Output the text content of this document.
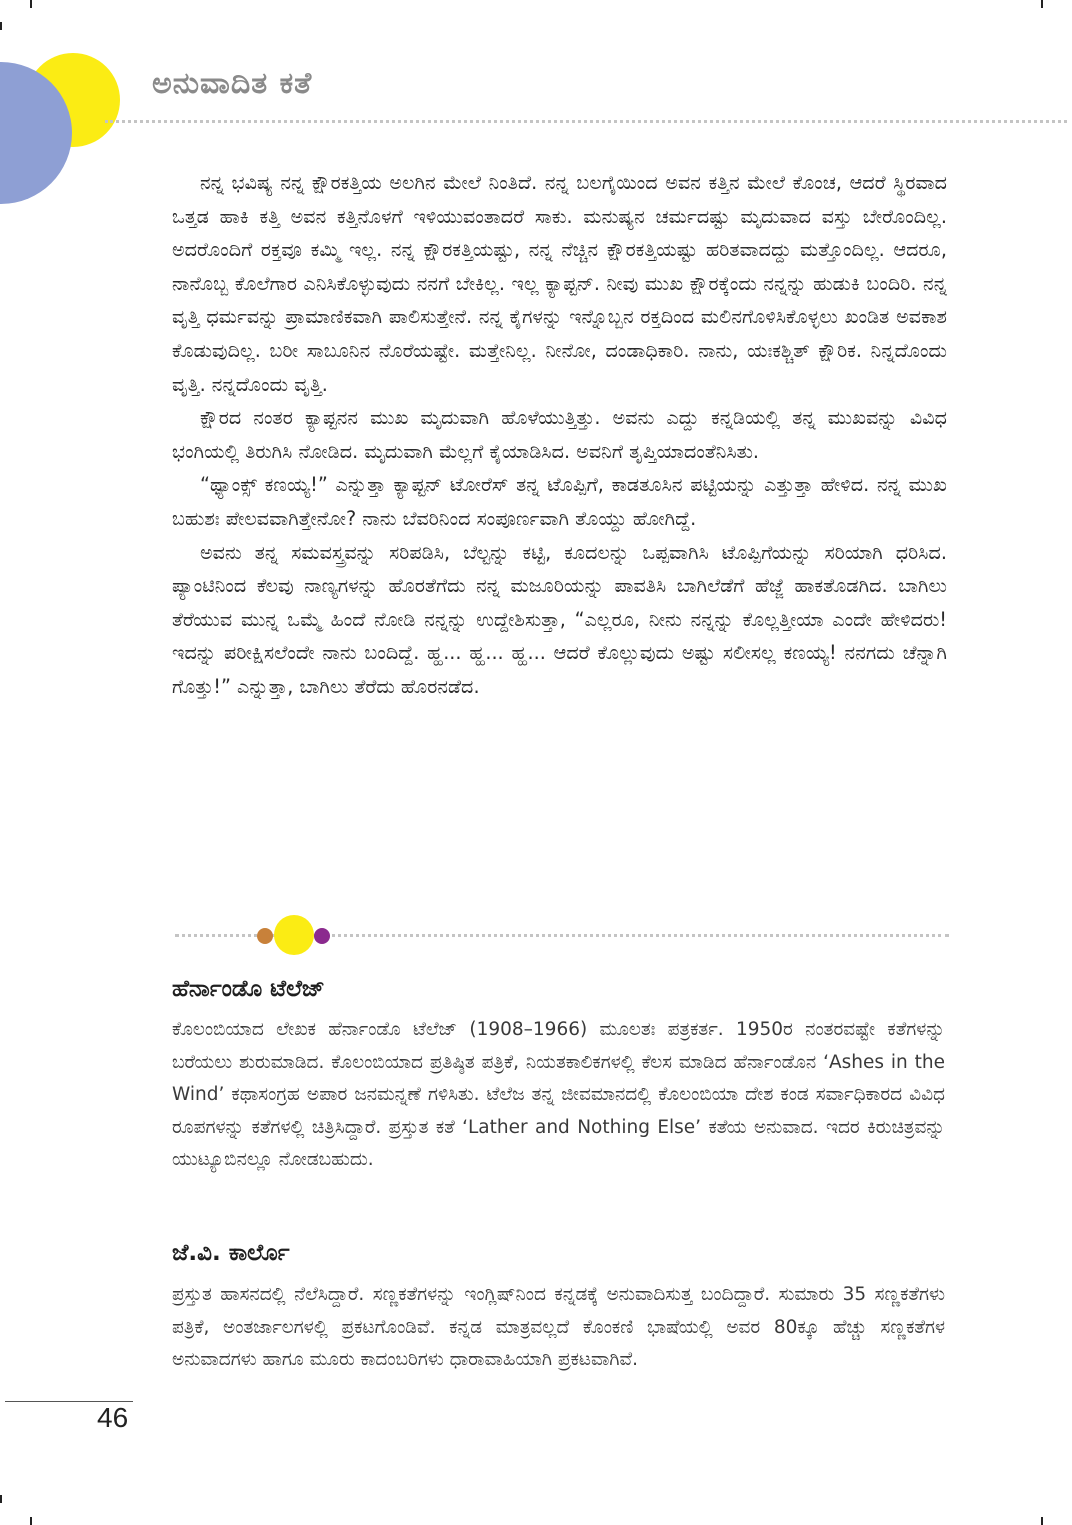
ಅನುವಾದಿತ ಕತೆ

ನನ್ನ ಭವಿಷ್ಯ ನನ್ನ ಕ್ಷೌರಕತ್ತಿಯ ಅಲಗಿನ ಮೇಲೆ ನಿಂತಿದೆ. ನನ್ನ ಬಲಗೈಯಿಂದ ಅವನ ಕತ್ತಿನ ಮೇಲೆ ಕೊಂಚ, ಆದರೆ ಸ್ಥಿರವಾದ ಒತ್ತಡ ಹಾಕಿ ಕತ್ತಿ ಅವನ ಕತ್ತಿನೊಳಗೆ ಇಳಿಯುವಂತಾದರೆ ಸಾಕು. ಮನುಷ್ಯನ ಚರ್ಮದಷ್ಟು ಮೃದುವಾದ ವಸ್ತು ಬೇರೊಂದಿಲ್ಲ. ಅದರೊಂದಿಗೆ ರಕ್ತವೂ ಕಮ್ಮಿ ಇಲ್ಲ. ನನ್ನ ಕ್ಷೌರಕತ್ತಿಯಷ್ಟು, ನನ್ನ ನೆಚ್ಚಿನ ಕ್ಷೌರಕತ್ತಿಯಷ್ಟು ಹರಿತವಾದದ್ದು ಮತ್ತೊಂದಿಲ್ಲ. ಆದರೂ, ನಾನೊಬ್ಬ ಕೊಲೆಗಾರ ಎನಿಸಿಕೊಳ್ಳುವುದು ನನಗೆ ಬೇಕಿಲ್ಲ. ಇಲ್ಲ ಕ್ಯಾಪ್ಟನ್. ನೀವು ಮುಖ ಕ್ಷೌರಕ್ಕೆಂದು ನನ್ನನ್ನು ಹುಡುಕಿ ಬಂದಿರಿ. ನನ್ನ ವೃತ್ತಿ ಧರ್ಮವನ್ನು ಪ್ರಾಮಾಣಿಕವಾಗಿ ಪಾಲಿಸುತ್ತೇನೆ. ನನ್ನ ಕೈಗಳನ್ನು ಇನ್ನೊಬ್ಬನ ರಕ್ತದಿಂದ ಮಲಿನಗೊಳಿಸಿಕೊಳ್ಳಲು ಖಂಡಿತ ಅವಕಾಶ ಕೊಡುವುದಿಲ್ಲ. ಬರೀ ಸಾಬೂನಿನ ನೊರೆಯಷ್ಟೇ. ಮತ್ತೇನಿಲ್ಲ. ನೀನೋ, ದಂಡಾಧಿಕಾರಿ. ನಾನು, ಯಃಕಶ್ಚಿತ್ ಕ್ಷೌರಿಕ. ನಿನ್ನದೊಂದು ವೃತ್ತಿ. ನನ್ನದೊಂದು ವೃತ್ತಿ.

ಕ್ಷೌರದ ನಂತರ ಕ್ಯಾಪ್ಟನನ ಮುಖ ಮೃದುವಾಗಿ ಹೊಳೆಯುತ್ತಿತ್ತು. ಅವನು ಎದ್ದು ಕನ್ನಡಿಯಲ್ಲಿ ತನ್ನ ಮುಖವನ್ನು ವಿವಿಧ ಭಂಗಿಯಲ್ಲಿ ತಿರುಗಿಸಿ ನೋಡಿದ. ಮೃದುವಾಗಿ ಮೆಲ್ಲಗೆ ಕೈಯಾಡಿಸಿದ. ಅವನಿಗೆ ತೃಪ್ತಿಯಾದಂತೆನಿಸಿತು.

“ಥ್ಯಾಂಕ್ಸ್ ಕಣಯ್ಯ!” ಎನ್ನುತ್ತಾ ಕ್ಯಾಪ್ಟನ್ ಟೋರೆಸ್ ತನ್ನ ಟೊಪ್ಪಿಗೆ, ಕಾಡತೂಸಿನ ಪಟ್ಟಿಯನ್ನು ಎತ್ತುತ್ತಾ ಹೇಳಿದ. ನನ್ನ ಮುಖ ಬಹುಶಃ ಪೇಲವವಾಗಿತ್ತೇನೋ? ನಾನು ಬೆವರಿನಿಂದ ಸಂಪೂರ್ಣವಾಗಿ ತೊಯ್ದು ಹೋಗಿದ್ದೆ.

ಅವನು ತನ್ನ ಸಮವಸ್ತ್ರವನ್ನು ಸರಿಪಡಿಸಿ, ಬೆಲ್ಟನ್ನು ಕಟ್ಟಿ, ಕೂದಲನ್ನು ಒಪ್ಪವಾಗಿಸಿ ಟೊಪ್ಪಿಗೆಯನ್ನು ಸರಿಯಾಗಿ ಧರಿಸಿದ. ಪ್ಯಾಂಟಿನಿಂದ ಕೆಲವು ನಾಣ್ಯಗಳನ್ನು ಹೊರತೆಗೆದು ನನ್ನ ಮಜೂರಿಯನ್ನು ಪಾವತಿಸಿ ಬಾಗಿಲೆಡೆಗೆ ಹೆಜ್ಜೆ ಹಾಕತೊಡಗಿದ. ಬಾಗಿಲು ತೆರೆಯುವ ಮುನ್ನ ಒಮ್ಮೆ ಹಿಂದೆ ನೋಡಿ ನನ್ನನ್ನು ಉದ್ದೇಶಿಸುತ್ತಾ, “ಎಲ್ಲರೂ, ನೀನು ನನ್ನನ್ನು ಕೊಲ್ಲತ್ತೀಯಾ ಎಂದೇ ಹೇಳಿದರು! ಇದನ್ನು ಪರೀಕ್ಷಿಸಲೆಂದೇ ನಾನು ಬಂದಿದ್ದೆ. ಹ್ಹ... ಹ್ಹ... ಹ್ಹ... ಆದರೆ ಕೊಲ್ಲುವುದು ಅಷ್ಟು ಸಲೀಸಲ್ಲ ಕಣಯ್ಯ! ನನಗದು ಚೆನ್ನಾಗಿ ಗೊತ್ತು!” ಎನ್ನುತ್ತಾ, ಬಾಗಿಲು ತೆರೆದು ಹೊರನಡೆದ.

ಹೆರ್ನಾಂಡೊ ಟೆಲೆಜ್

ಕೊಲಂಬಿಯಾದ ಲೇಖಕ ಹೆರ್ನಾಂಡೊ ಟೆಲೆಜ್ (1908–1966) ಮೂಲತಃ ಪತ್ರಕರ್ತ. 1950ರ ನಂತರವಷ್ಟೇ ಕತೆಗಳನ್ನು ಬರೆಯಲು ಶುರುಮಾಡಿದ. ಕೊಲಂಬಿಯಾದ ಪ್ರತಿಷ್ಠಿತ ಪತ್ರಿಕೆ, ನಿಯತಕಾಲಿಕಗಳಲ್ಲಿ ಕೆಲಸ ಮಾಡಿದ ಹೆರ್ನಾಂಡೊನ ‘Ashes in the Wind’ ಕಥಾಸಂಗ್ರಹ ಅಪಾರ ಜನಮನ್ನಣೆ ಗಳಿಸಿತು. ಟೆಲೆಜ ತನ್ನ ಜೀವಮಾನದಲ್ಲಿ ಕೊಲಂಬಿಯಾ ದೇಶ ಕಂಡ ಸರ್ವಾಧಿಕಾರದ ವಿವಿಧ ರೂಪಗಳನ್ನು ಕತೆಗಳಲ್ಲಿ ಚಿತ್ರಿಸಿದ್ದಾರೆ. ಪ್ರಸ್ತುತ ಕತೆ ‘Lather and Nothing Else’ ಕತೆಯ ಅನುವಾದ. ಇದರ ಕಿರುಚಿತ್ರವನ್ನು ಯುಟ್ಯೂಬಿನಲ್ಲೂ ನೋಡಬಹುದು.

ಜೆ.ವಿ. ಕಾರ್ಲೊ

ಪ್ರಸ್ತುತ ಹಾಸನದಲ್ಲಿ ನೆಲೆಸಿದ್ದಾರೆ. ಸಣ್ಣಕತೆಗಳನ್ನು ಇಂಗ್ಲಿಷ್‌ನಿಂದ ಕನ್ನಡಕ್ಕೆ ಅನುವಾದಿಸುತ್ತ ಬಂದಿದ್ದಾರೆ. ಸುಮಾರು 35 ಸಣ್ಣಕತೆಗಳು ಪತ್ರಿಕೆ, ಅಂತರ್ಜಾಲಗಳಲ್ಲಿ ಪ್ರಕಟಗೊಂಡಿವೆ. ಕನ್ನಡ ಮಾತ್ರವಲ್ಲದೆ ಕೊಂಕಣಿ ಭಾಷೆಯಲ್ಲಿ ಅವರ 80ಕ್ಕೂ ಹೆಚ್ಚು ಸಣ್ಣಕತೆಗಳ ಅನುವಾದಗಳು ಹಾಗೂ ಮೂರು ಕಾದಂಬರಿಗಳು ಧಾರಾವಾಹಿಯಾಗಿ ಪ್ರಕಟವಾಗಿವೆ.

46
